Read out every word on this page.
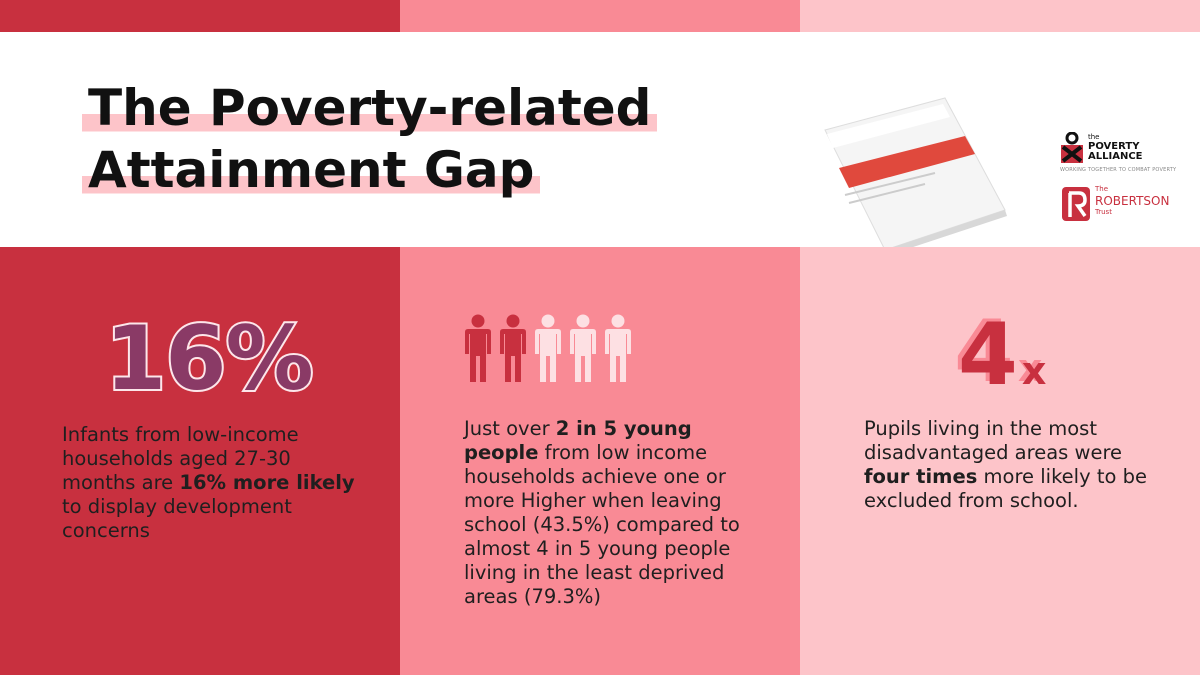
The Poverty-related
Attainment Gap
the
POVERTY
ALLIANCE
WORKING TOGETHER TO COMBAT POVERTY
The
ROBERTSON
Trust
16%

Infants from low-income households aged 27-30 months are 16% more likely to display development concerns

Just over 2 in 5 young people from low income households achieve one or more Higher when leaving school (43.5%) compared to almost 4 in 5 young people living in the least deprived areas (79.3%)

4 x

Pupils living in the most disadvantaged areas were four times more likely to be excluded from school.
